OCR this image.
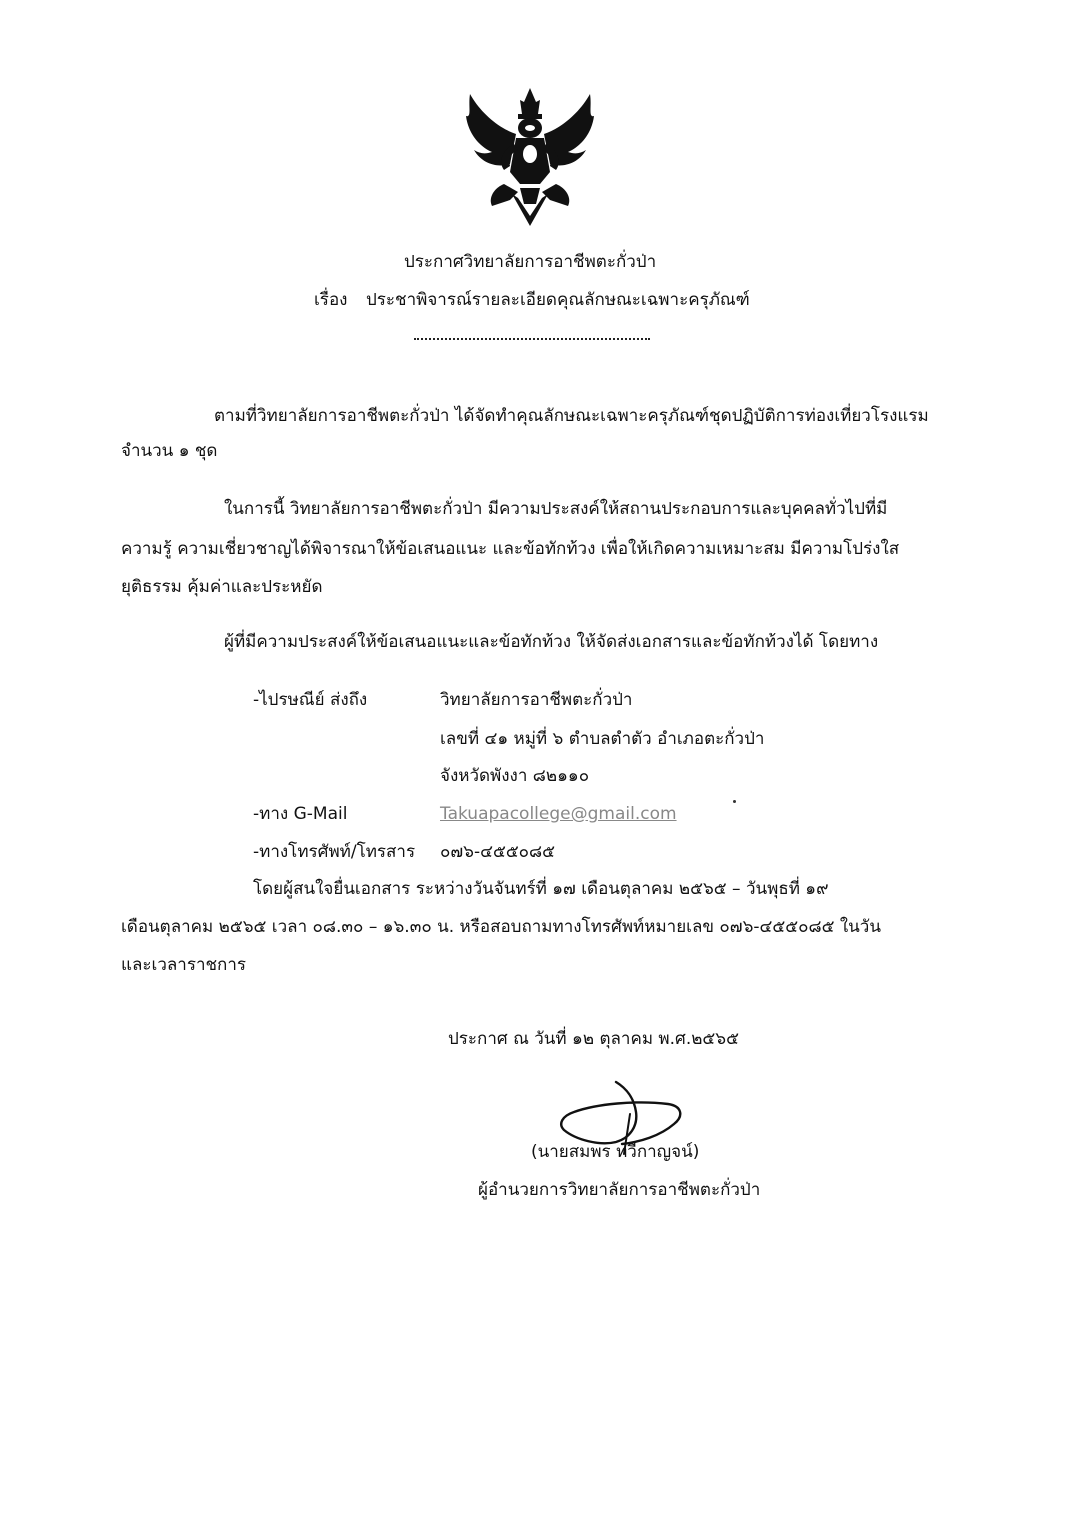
ประกาศวิทยาลัยการอาชีพตะกั่วป่า
เรื่อง ประชาพิจารณ์รายละเอียดคุณลักษณะเฉพาะครุภัณฑ์
ตามที่วิทยาลัยการอาชีพตะกั่วป่า ได้จัดทำคุณลักษณะเฉพาะครุภัณฑ์ชุดปฏิบัติการท่องเที่ยวโรงแรม
จำนวน ๑ ชุด
ในการนี้ วิทยาลัยการอาชีพตะกั่วป่า มีความประสงค์ให้สถานประกอบการและบุคคลทั่วไปที่มี
ความรู้ ความเชี่ยวชาญได้พิจารณาให้ข้อเสนอแนะ และข้อทักท้วง เพื่อให้เกิดความเหมาะสม มีความโปร่งใส
ยุติธรรม คุ้มค่าและประหยัด
ผู้ที่มีความประสงค์ให้ข้อเสนอแนะและข้อทักท้วง ให้จัดส่งเอกสารและข้อทักท้วงได้ โดยทาง
-ไปรษณีย์ ส่งถึง	วิทยาลัยการอาชีพตะกั่วป่า
เลขที่ ๔๑ หมู่ที่ ๖ ตำบลตำตัว อำเภอตะกั่วป่า
จังหวัดพังงา ๘๒๑๑๐
-ทาง G-Mail	Takuapacollege@gmail.com
-ทางโทรศัพท์/โทรสาร ๐๗๖-๔๕๕๐๘๕
โดยผู้สนใจยื่นเอกสาร ระหว่างวันจันทร์ที่ ๑๗ เดือนตุลาคม ๒๕๖๕ – วันพุธที่ ๑๙
เดือนตุลาคม ๒๕๖๕ เวลา ๐๘.๓๐ – ๑๖.๓๐ น. หรือสอบถามทางโทรศัพท์หมายเลข ๐๗๖-๔๕๕๐๘๕ ในวัน
และเวลาราชการ
ประกาศ ณ วันที่ ๑๒ ตุลาคม พ.ศ.๒๕๖๕
(นายสมพร ทวีกาญจน์)
ผู้อำนวยการวิทยาลัยการอาชีพตะกั่วป่า
